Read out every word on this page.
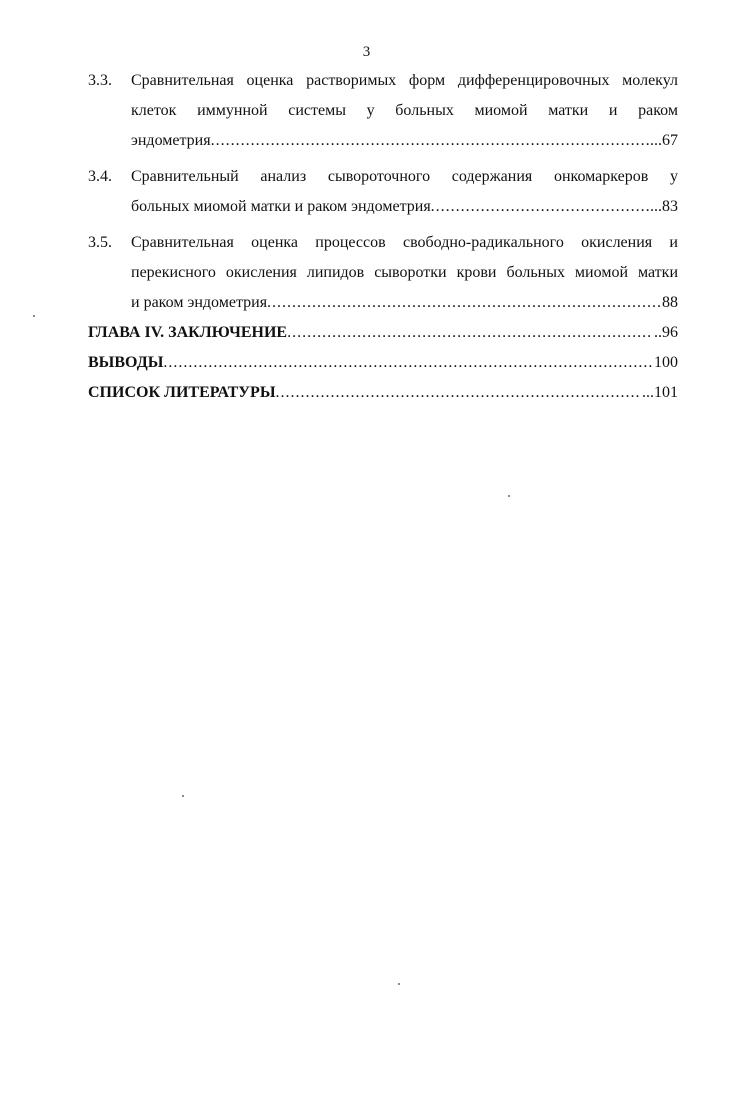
3
3.3.	Сравнительная оценка растворимых форм дифференцировочных молекул
клеток иммунной системы у больных миомой матки и раком
эндометрия .....	...67
3.4.	Сравнительный анализ сывороточного содержания онкомаркеров у
больных миомой матки и раком эндометрия .....	...83
3.5.	Сравнительная оценка процессов свободно-радикального окисления и
перекисного окисления липидов сыворотки крови больных миомой матки
и раком эндометрия .....	88
ГЛАВА IV. ЗАКЛЮЧЕНИЕ .....	..96
ВЫВОДЫ .....	100
СПИСОК ЛИТЕРАТУРЫ .....	...101
